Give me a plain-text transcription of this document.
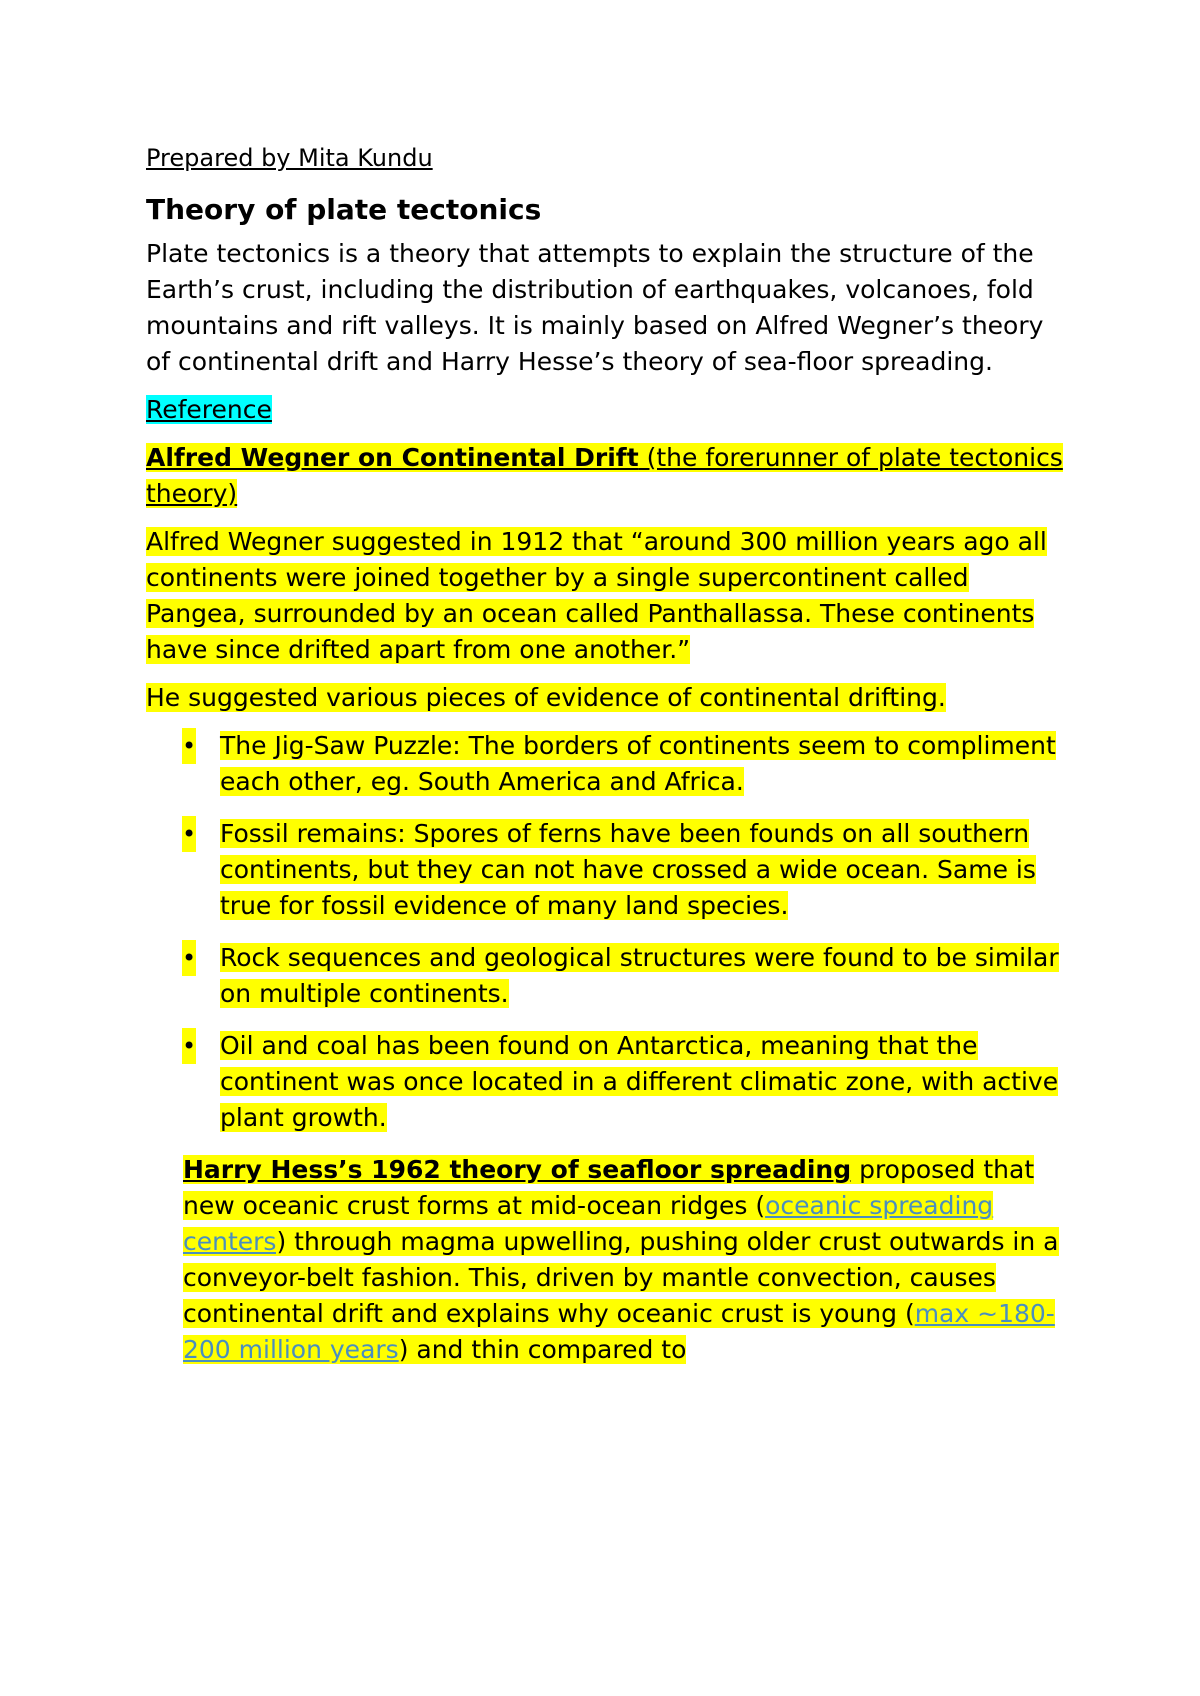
Prepared by Mita Kundu
Theory of plate tectonics
Plate tectonics is a theory that attempts to explain the structure of the Earth’s crust, including the distribution of earthquakes, volcanoes, fold mountains and rift valleys. It is mainly based on Alfred Wegner’s theory of continental drift and Harry Hesse’s theory of sea-floor spreading.
Reference
Alfred Wegner on Continental Drift (the forerunner of plate tectonics theory)
Alfred Wegner suggested in 1912 that “around 300 million years ago all continents were joined together by a single supercontinent called Pangea, surrounded by an ocean called Panthallassa. These continents have since drifted apart from one another.”
He suggested various pieces of evidence of continental drifting.
• The Jig-Saw Puzzle: The borders of continents seem to compliment each other, eg. South America and Africa.
• Fossil remains: Spores of ferns have been founds on all southern continents, but they can not have crossed a wide ocean. Same is true for fossil evidence of many land species.
• Rock sequences and geological structures were found to be similar on multiple continents.
• Oil and coal has been found on Antarctica, meaning that the continent was once located in a different climatic zone, with active plant growth.
Harry Hess’s 1962 theory of seafloor spreading proposed that new oceanic crust forms at mid-ocean ridges (oceanic spreading centers) through magma upwelling, pushing older crust outwards in a conveyor-belt fashion. This, driven by mantle convection, causes continental drift and explains why oceanic crust is young (max ~180-200 million years) and thin compared to
